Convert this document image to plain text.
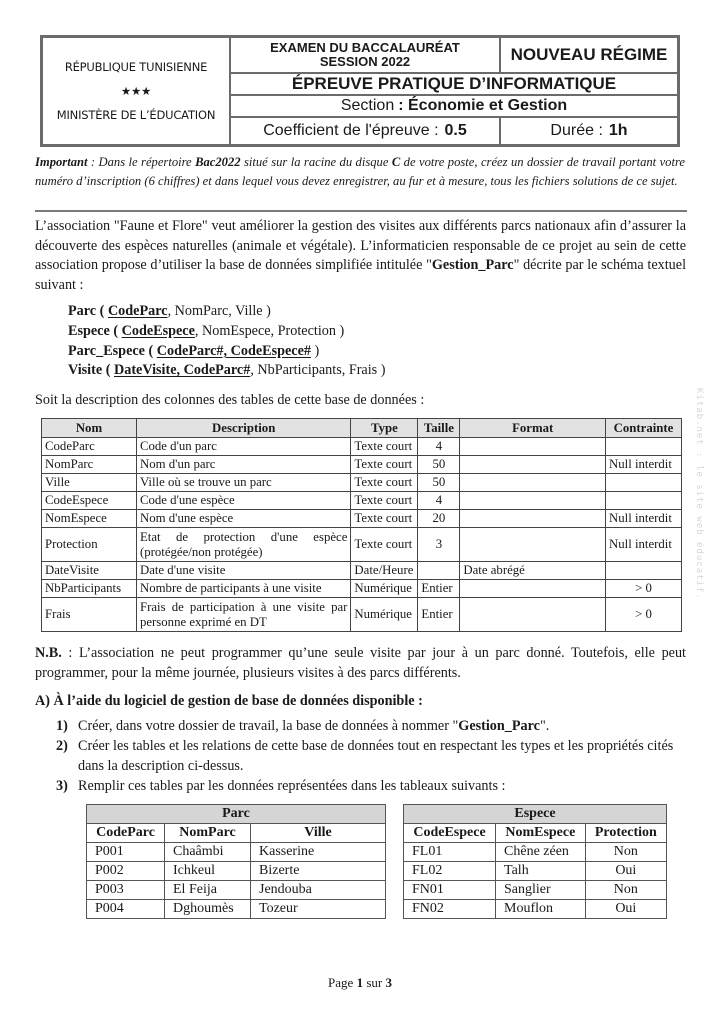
RÉPUBLIQUE TUNISIENNE
★★★
MINISTÈRE DE L’ÉDUCATION
EXAMEN DU BACCALAURÉAT
SESSION 2022	NOUVEAU RÉGIME
ÉPREUVE PRATIQUE D’INFORMATIQUE
Section : Économie et Gestion
Coefficient de l'épreuve : 0.5	Durée : 1h
Important : Dans le répertoire Bac2022 situé sur la racine du disque C de votre poste, créez un dossier de travail portant votre numéro d’inscription (6 chiffres) et dans lequel vous devez enregistrer, au fur et à mesure, tous les fichiers solutions de ce sujet.
L’association "Faune et Flore" veut améliorer la gestion des visites aux différents parcs nationaux afin d’assurer la découverte des espèces naturelles (animale et végétale). L’informaticien responsable de ce projet au sein de cette association propose d’utiliser la base de données simplifiée intitulée "Gestion_Parc" décrite par le schéma textuel suivant :
Parc ( CodeParc, NomParc, Ville )
Espece ( CodeEspece, NomEspece, Protection )
Parc_Espece ( CodeParc#, CodeEspece# )
Visite ( DateVisite, CodeParc#, NbParticipants, Frais )
Soit la description des colonnes des tables de cette base de données :
Nom	Description	Type	Taille	Format	Contrainte
CodeParc	Code d'un parc	Texte court	4		
NomParc	Nom d'un parc	Texte court	50		Null interdit
Ville	Ville où se trouve un parc	Texte court	50		
CodeEspece	Code d'une espèce	Texte court	4		
NomEspece	Nom d'une espèce	Texte court	20		Null interdit
Protection	Etat de protection d'une espèce (protégée/non protégée)	Texte court	3		Null interdit
DateVisite	Date d'une visite	Date/Heure		Date abrégé	
NbParticipants	Nombre de participants à une visite	Numérique	Entier		> 0
Frais	Frais de participation à une visite par personne exprimé en DT	Numérique	Entier		> 0
N.B. : L’association ne peut programmer qu’une seule visite par jour à un parc donné. Toutefois, elle peut programmer, pour la même journée, plusieurs visites à des parcs différents.
A) À l’aide du logiciel de gestion de base de données disponible :
1) Créer, dans votre dossier de travail, la base de données à nommer "Gestion_Parc".
2) Créer les tables et les relations de cette base de données tout en respectant les types et les propriétés cités dans la description ci-dessus.
3) Remplir ces tables par les données représentées dans les tableaux suivants :
Parc		
CodeParc	NomParc	Ville
P001	Chaâmbi	Kasserine
P002	Ichkeul	Bizerte
P003	El Feija	Jendouba
P004	Dghoumès	Tozeur
Espece		
CodeEspece	NomEspece	Protection
FL01	Chêne zéen	Non
FL02	Talh	Oui
FN01	Sanglier	Non
FN02	Mouflon	Oui
Page 1 sur 3
Kitab.net : le site web éducatif.
